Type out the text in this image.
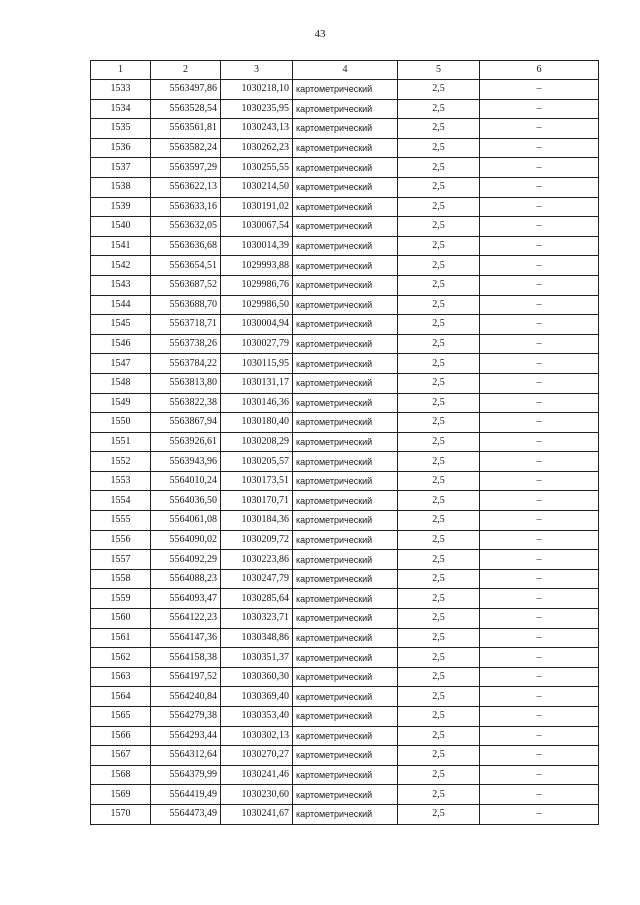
43
1	2	3	4	5	6
1533	5563497,86	1030218,10	картометрический	2,5	–
1534	5563528,54	1030235,95	картометрический	2,5	–
1535	5563561,81	1030243,13	картометрический	2,5	–
1536	5563582,24	1030262,23	картометрический	2,5	–
1537	5563597,29	1030255,55	картометрический	2,5	–
1538	5563622,13	1030214,50	картометрический	2,5	–
1539	5563633,16	1030191,02	картометрический	2,5	–
1540	5563632,05	1030067,54	картометрический	2,5	–
1541	5563636,68	1030014,39	картометрический	2,5	–
1542	5563654,51	1029993,88	картометрический	2,5	–
1543	5563687,52	1029986,76	картометрический	2,5	–
1544	5563688,70	1029986,50	картометрический	2,5	–
1545	5563718,71	1030004,94	картометрический	2,5	–
1546	5563738,26	1030027,79	картометрический	2,5	–
1547	5563784,22	1030115,95	картометрический	2,5	–
1548	5563813,80	1030131,17	картометрический	2,5	–
1549	5563822,38	1030146,36	картометрический	2,5	–
1550	5563867,94	1030180,40	картометрический	2,5	–
1551	5563926,61	1030208,29	картометрический	2,5	–
1552	5563943,96	1030205,57	картометрический	2,5	–
1553	5564010,24	1030173,51	картометрический	2,5	–
1554	5564036,50	1030170,71	картометрический	2,5	–
1555	5564061,08	1030184,36	картометрический	2,5	–
1556	5564090,02	1030209,72	картометрический	2,5	–
1557	5564092,29	1030223,86	картометрический	2,5	–
1558	5564088,23	1030247,79	картометрический	2,5	–
1559	5564093,47	1030285,64	картометрический	2,5	–
1560	5564122,23	1030323,71	картометрический	2,5	–
1561	5564147,36	1030348,86	картометрический	2,5	–
1562	5564158,38	1030351,37	картометрический	2,5	–
1563	5564197,52	1030360,30	картометрический	2,5	–
1564	5564240,84	1030369,40	картометрический	2,5	–
1565	5564279,38	1030353,40	картометрический	2,5	–
1566	5564293,44	1030302,13	картометрический	2,5	–
1567	5564312,64	1030270,27	картометрический	2,5	–
1568	5564379,99	1030241,46	картометрический	2,5	–
1569	5564419,49	1030230,60	картометрический	2,5	–
1570	5564473,49	1030241,67	картометрический	2,5	–
